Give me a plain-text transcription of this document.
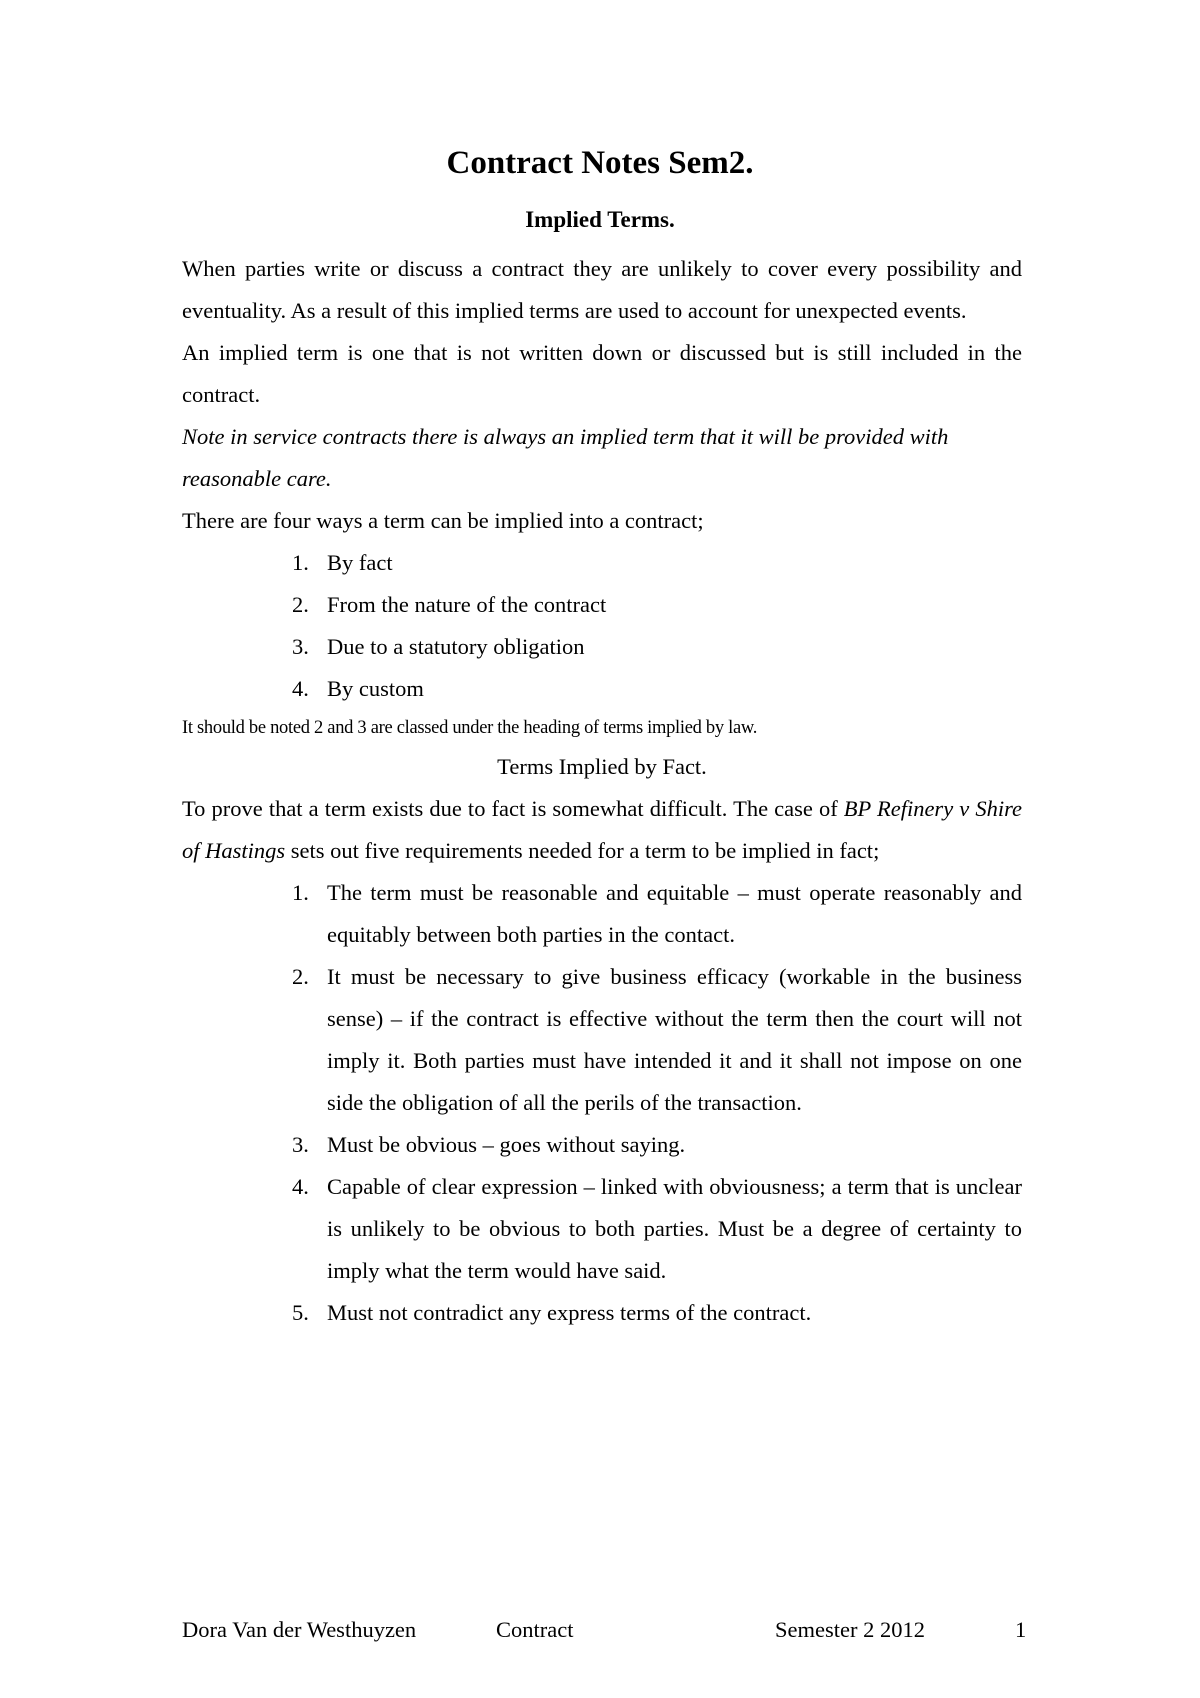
Contract Notes Sem2.
Implied Terms.

When parties write or discuss a contract they are unlikely to cover every possibility and eventuality. As a result of this implied terms are used to account for unexpected events.

An implied term is one that is not written down or discussed but is still included in the contract.

Note in service contracts there is always an implied term that it will be provided with reasonable care.

There are four ways a term can be implied into a contract;

1. By fact
2. From the nature of the contract
3. Due to a statutory obligation
4. By custom

It should be noted 2 and 3 are classed under the heading of terms implied by law.

Terms Implied by Fact.

To prove that a term exists due to fact is somewhat difficult. The case of BP Refinery v Shire of Hastings sets out five requirements needed for a term to be implied in fact;

1. The term must be reasonable and equitable – must operate reasonably and equitably between both parties in the contact.
2. It must be necessary to give business efficacy (workable in the business sense) – if the contract is effective without the term then the court will not imply it. Both parties must have intended it and it shall not impose on one side the obligation of all the perils of the transaction.
3. Must be obvious – goes without saying.
4. Capable of clear expression – linked with obviousness; a term that is unclear is unlikely to be obvious to both parties. Must be a degree of certainty to imply what the term would have said.
5. Must not contradict any express terms of the contract.
Dora Van der Westhuyzen	Contract	Semester 2 2012	1
